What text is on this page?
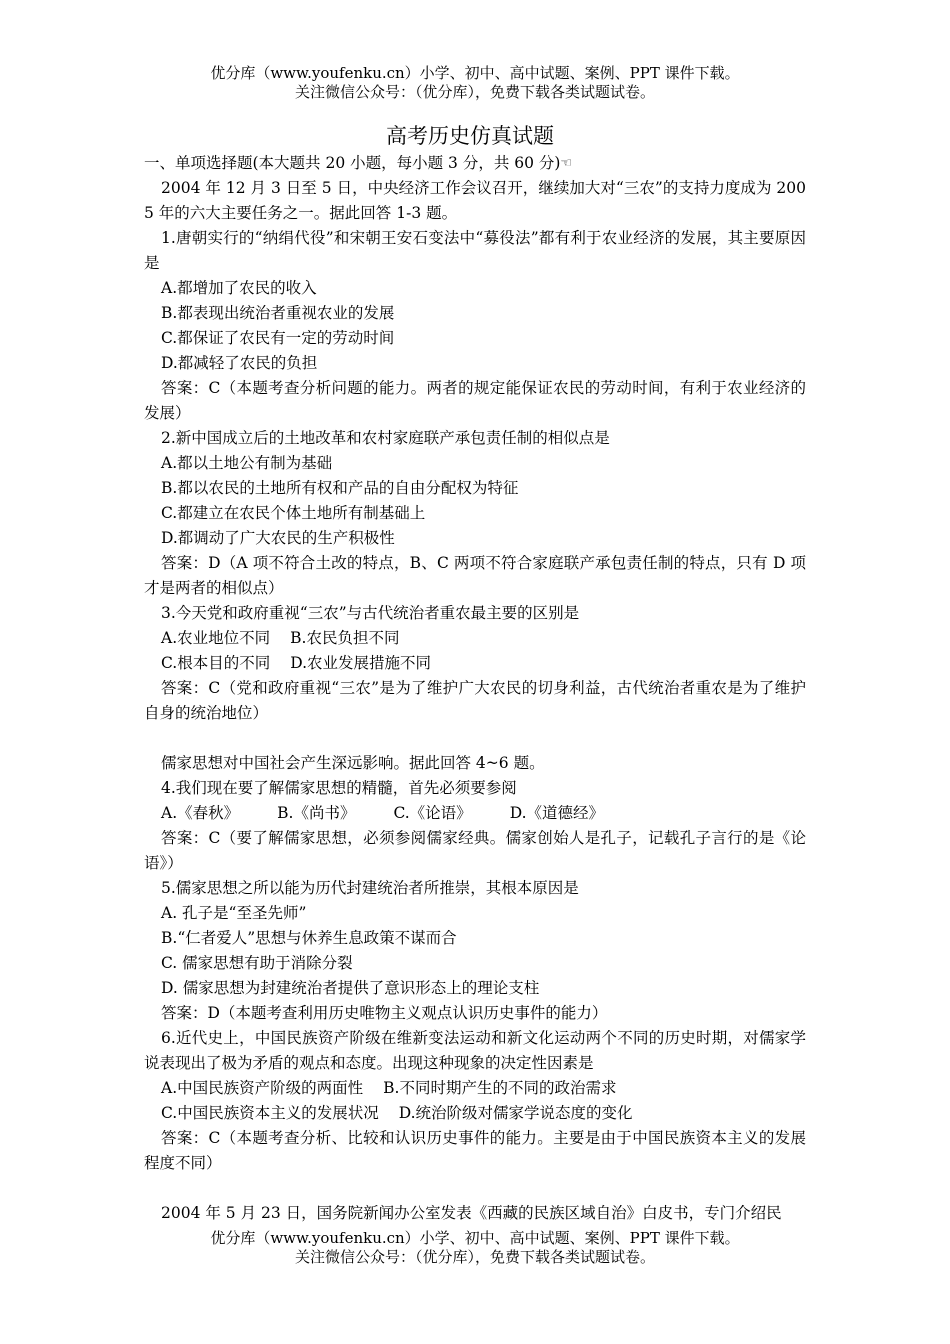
优分库（www.youfenku.cn）小学、初中、高中试题、案例、PPT 课件下载。
关注微信公众号：（优分库），免费下载各类试题试卷。
高考历史仿真试题

一、单项选择题(本大题共 20 小题，每小题 3 分，共 60 分)☜

2004 年 12 月 3 日至 5 日，中央经济工作会议召开，继续加大对“三农”的支持力度成为 2005 年的六大主要任务之一。据此回答 1-3 题。

1.唐朝实行的“纳绢代役”和宋朝王安石变法中“募役法”都有利于农业经济的发展，其主要原因是

A.都增加了农民的收入

B.都表现出统治者重视农业的发展

C.都保证了农民有一定的劳动时间

D.都减轻了农民的负担

答案：C（本题考查分析问题的能力。两者的规定能保证农民的劳动时间，有利于农业经济的发展）

2.新中国成立后的土地改革和农村家庭联产承包责任制的相似点是

A.都以土地公有制为基础

B.都以农民的土地所有权和产品的自由分配权为特征

C.都建立在农民个体土地所有制基础上

D.都调动了广大农民的生产积极性

答案：D（A 项不符合土改的特点，B、C 两项不符合家庭联产承包责任制的特点，只有 D 项才是两者的相似点）

3.今天党和政府重视“三农”与古代统治者重农最主要的区别是

A.农业地位不同 B.农民负担不同

C.根本目的不同 D.农业发展措施不同

答案：C（党和政府重视“三农”是为了维护广大农民的切身利益，古代统治者重农是为了维护自身的统治地位）

儒家思想对中国社会产生深远影响。据此回答 4~6 题。

4.我们现在要了解儒家思想的精髓，首先必须要参阅

A.《春秋》 B.《尚书》 C.《论语》 D.《道德经》

答案：C（要了解儒家思想，必须参阅儒家经典。儒家创始人是孔子，记载孔子言行的是《论语》）

5.儒家思想之所以能为历代封建统治者所推崇，其根本原因是

A. 孔子是“至圣先师”

B.“仁者爱人”思想与休养生息政策不谋而合

C. 儒家思想有助于消除分裂

D. 儒家思想为封建统治者提供了意识形态上的理论支柱

答案：D（本题考查利用历史唯物主义观点认识历史事件的能力）

6.近代史上，中国民族资产阶级在维新变法运动和新文化运动两个不同的历史时期，对儒家学说表现出了极为矛盾的观点和态度。出现这种现象的决定性因素是

A.中国民族资产阶级的两面性 B.不同时期产生的不同的政治需求

C.中国民族资本主义的发展状况 D.统治阶级对儒家学说态度的变化

答案：C（本题考查分析、比较和认识历史事件的能力。主要是由于中国民族资本主义的发展程度不同）

2004 年 5 月 23 日，国务院新闻办公室发表《西藏的民族区域自治》白皮书，专门介绍民

优分库（www.youfenku.cn）小学、初中、高中试题、案例、PPT 课件下载。
关注微信公众号：（优分库），免费下载各类试题试卷。
